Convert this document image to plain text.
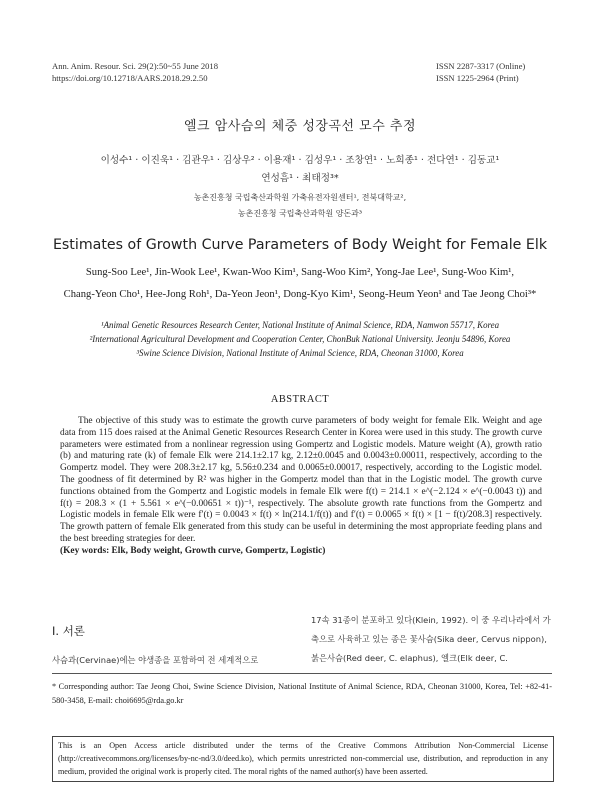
Ann. Anim. Resour. Sci. 29(2):50~55 June 2018
https://doi.org/10.12718/AARS.2018.29.2.50
ISSN 2287-3317 (Online)
ISSN 1225-2964 (Print)
엘크 암사슴의 체중 성장곡선 모수 추정
이성수¹ · 이진욱¹ · 김관우¹ · 김상우² · 이용재¹ · 김성우¹ · 조창연¹ · 노희종¹ · 전다연¹ · 김동교¹
연성흠¹ · 최태정³*
농촌진흥청 국립축산과학원 가축유전자원센터¹, 전북대학교²,
농촌진흥청 국립축산과학원 양돈과³
Estimates of Growth Curve Parameters of Body Weight for Female Elk
Sung-Soo Lee¹, Jin-Wook Lee¹, Kwan-Woo Kim¹, Sang-Woo Kim², Yong-Jae Lee¹, Sung-Woo Kim¹,
Chang-Yeon Cho¹, Hee-Jong Roh¹, Da-Yeon Jeon¹, Dong-Kyo Kim¹, Seong-Heum Yeon¹ and Tae Jeong Choi³*
¹Animal Genetic Resources Research Center, National Institute of Animal Science, RDA, Namwon 55717, Korea
²International Agricultural Development and Cooperation Center, ChonBuk National University. Jeonju 54896, Korea
³Swine Science Division, National Institute of Animal Science, RDA, Cheonan 31000, Korea
ABSTRACT

The objective of this study was to estimate the growth curve parameters of body weight for female Elk. Weight and age data from 115 does raised at the Animal Genetic Resources Research Center in Korea were used in this study. The growth curve parameters were estimated from a nonlinear regression using Gompertz and Logistic models. Mature weight (A), growth ratio (b) and maturing rate (k) of female Elk were 214.1±2.17 kg, 2.12±0.0045 and 0.0043±0.00011, respectively, according to the Gompertz model. They were 208.3±2.17 kg, 5.56±0.234 and 0.0065±0.00017, respectively, according to the Logistic model. The goodness of fit determined by R² was higher in the Gompertz model than that in the Logistic model. The growth curve functions obtained from the Gompertz and Logistic models in female Elk were f(t) = 214.1 × e^(−2.124 × e^(−0.0043 t)) and f(t) = 208.3 × (1 + 5.561 × e^(−0.00651 × t))⁻¹, respectively. The absolute growth rate functions from the Gompertz and Logistic models in female Elk were f′(t) = 0.0043 × f(t) × ln(214.1/f(t)) and f′(t) = 0.0065 × f(t) × [1 − f(t)/208.3] respectively. The growth pattern of female Elk generated from this study can be useful in determining the most appropriate feeding plans and the best breeding strategies for deer.

(Key words: Elk, Body weight, Growth curve, Gompertz, Logistic)
Ⅰ. 서론
사슴과(Cervinae)에는 야생종을 포함하여 전 세계적으로
17속 31종이 분포하고 있다(Klein, 1992). 이 중 우리나라에서 가축으로 사육하고 있는 종은 꽃사슴(Sika deer, Cervus nippon), 붉은사슴(Red deer, C. elaphus), 엘크(Elk deer, C.
* Corresponding author: Tae Jeong Choi, Swine Science Division, National Institute of Animal Science, RDA, Cheonan 31000, Korea, Tel: +82-41-580-3458, E-mail: choi6695@rda.go.kr
This is an Open Access article distributed under the terms of the Creative Commons Attribution Non-Commercial License (http://creativecommons.org/licenses/by-nc-nd/3.0/deed.ko), which permits unrestricted non-commercial use, distribution, and reproduction in any medium, provided the original work is properly cited. The moral rights of the named author(s) have been asserted.
